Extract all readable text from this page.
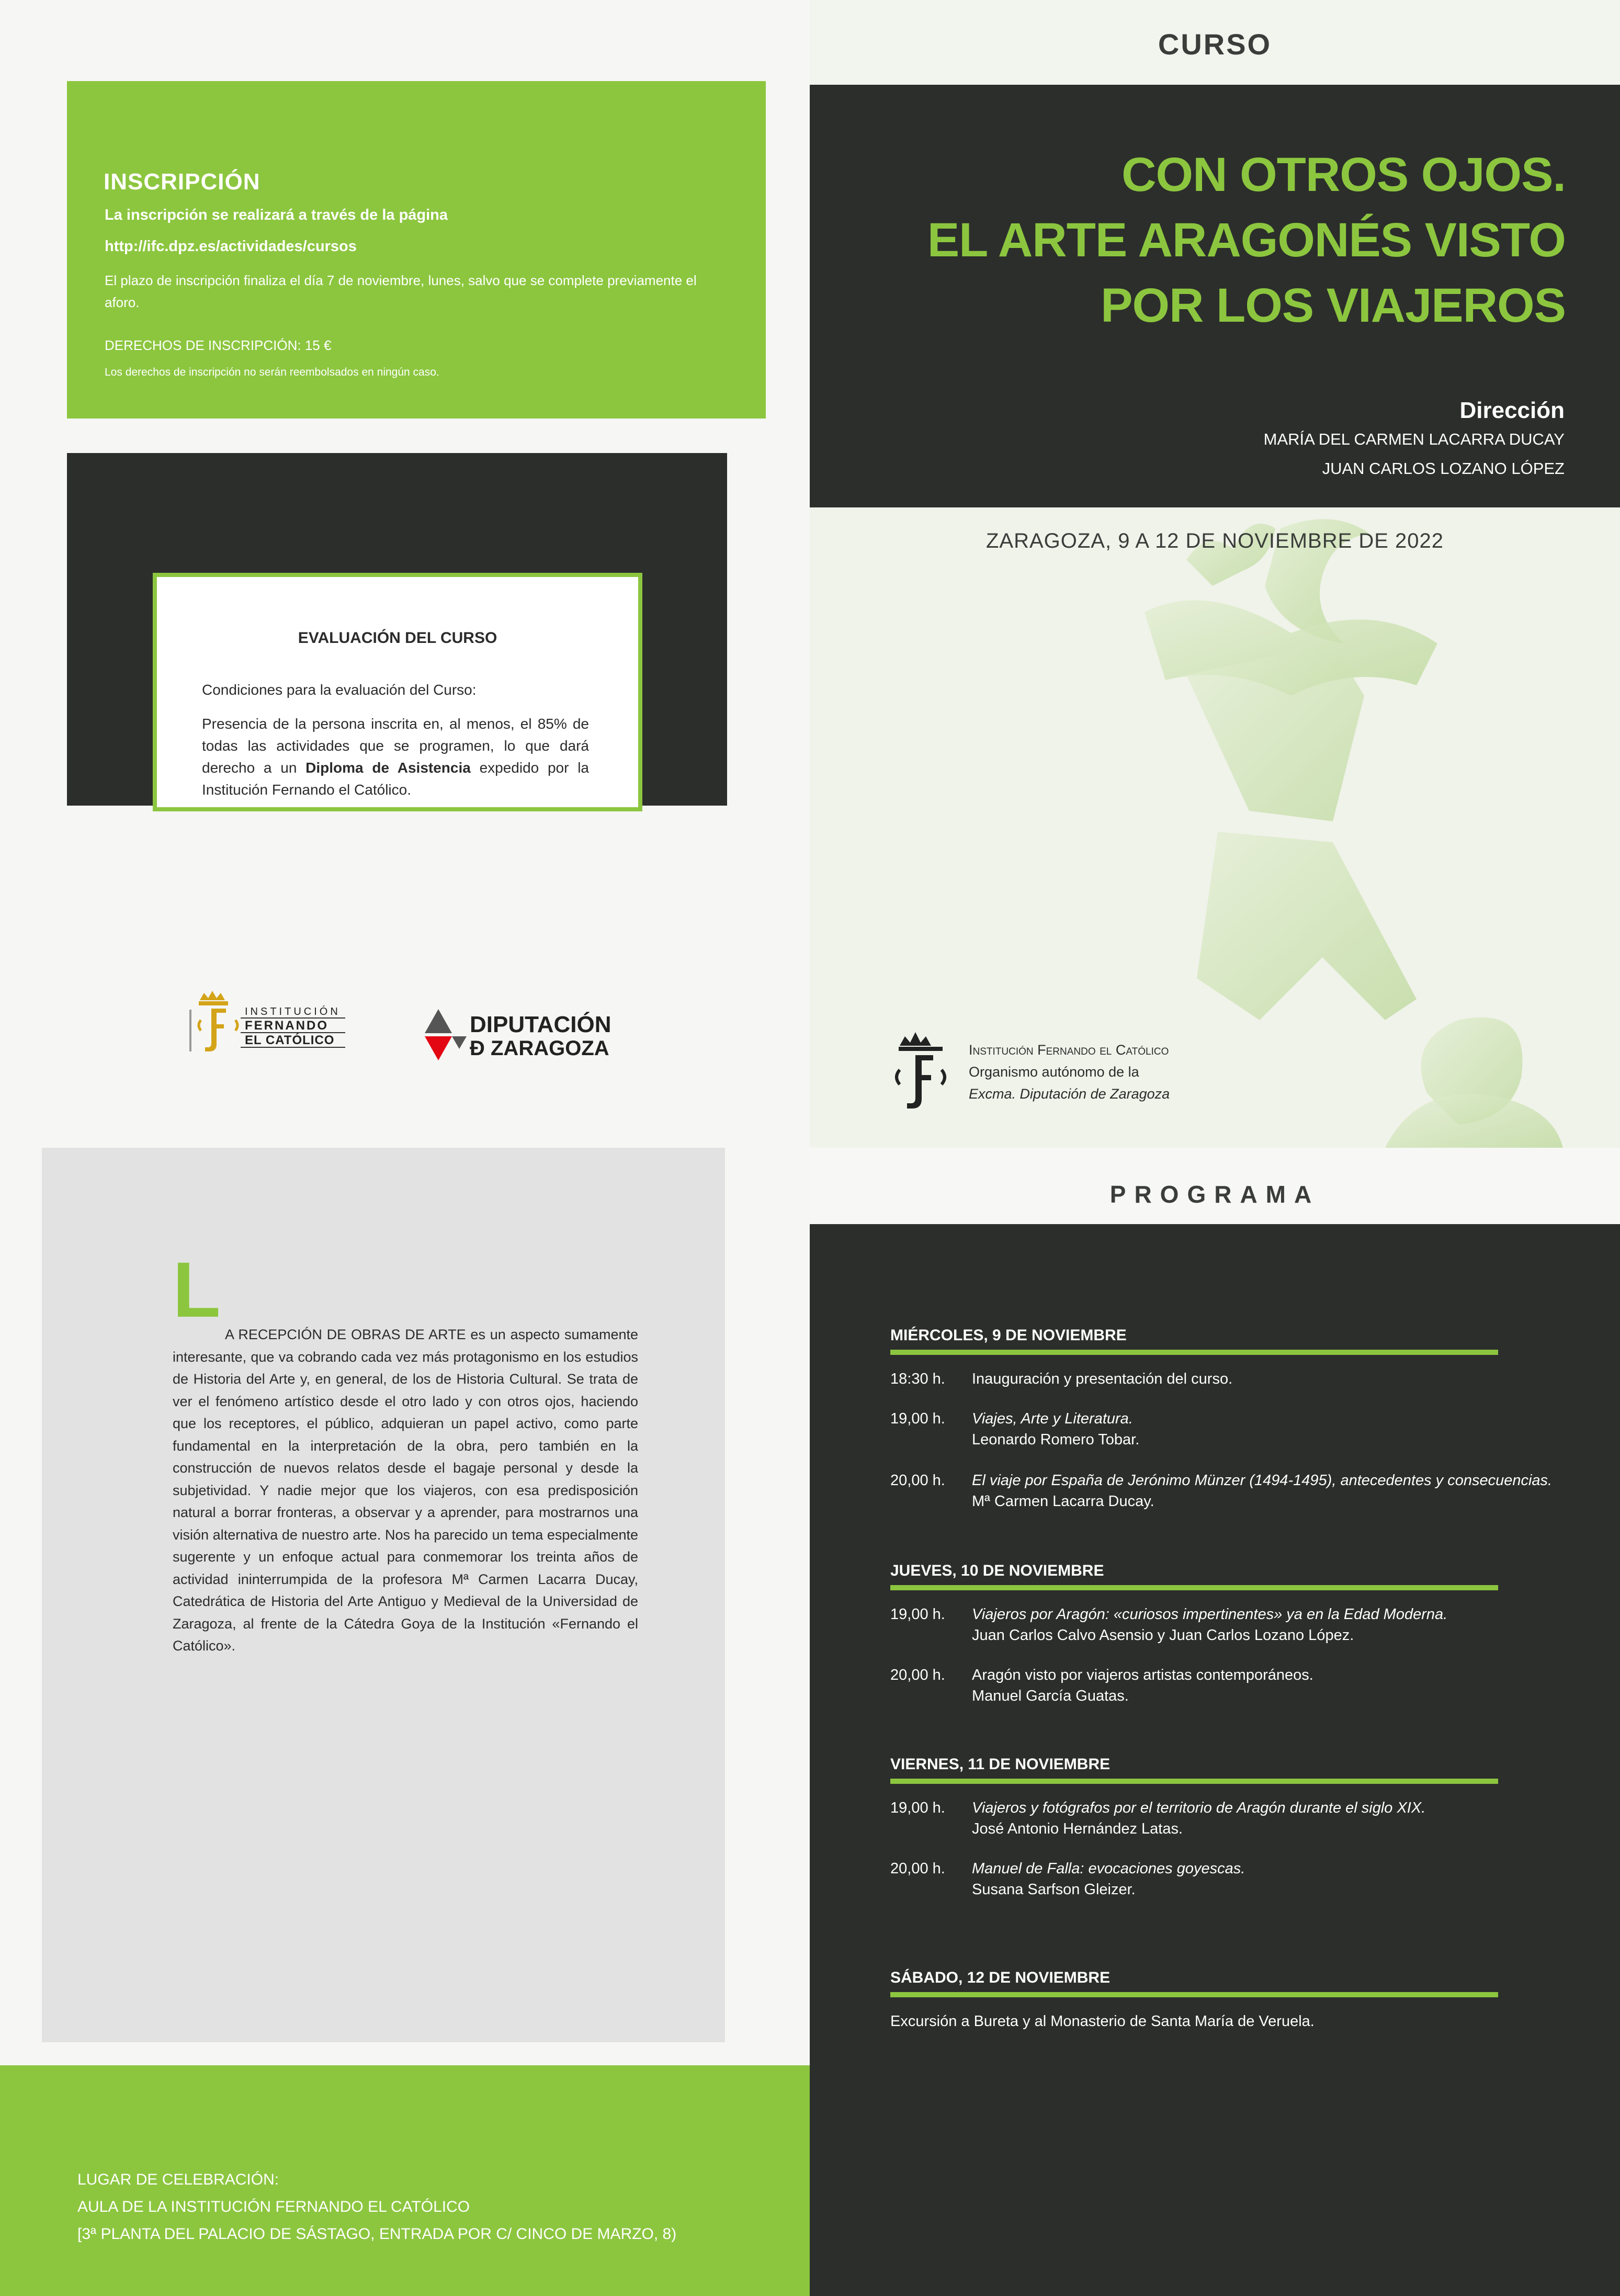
INSCRIPCIÓN
La inscripción se realizará a través de la página
http://ifc.dpz.es/actividades/cursos
El plazo de inscripción finaliza el día 7 de noviembre, lunes, salvo que se complete previamente el aforo.
DERECHOS DE INSCRIPCIÓN: 15 €
Los derechos de inscripción no serán reembolsados en ningún caso.
EVALUACIÓN DEL CURSO
Condiciones para la evaluación del Curso:
Presencia de la persona inscrita en, al menos, el 85% de todas las actividades que se programen, lo que dará derecho a un Diploma de Asistencia expedido por la Institución Fernando el Católico.
INSTITUCIÓN
FERNANDO
EL CATÓLICO
DIPUTACIÓN
Ð ZARAGOZA
CURSO
CON OTROS OJOS.
EL ARTE ARAGONÉS VISTO
POR LOS VIAJEROS
Dirección
MARÍA DEL CARMEN LACARRA DUCAY
JUAN CARLOS LOZANO LÓPEZ
ZARAGOZA, 9 A 12 DE NOVIEMBRE DE 2022
Institución Fernando el Católico
Organismo autónomo de la
Excma. Diputación de Zaragoza
L
A RECEPCIÓN DE OBRAS DE ARTE es un aspecto sumamente interesante, que va cobrando cada vez más protagonismo en los estudios de Historia del Arte y, en general, de los de Historia Cultural. Se trata de ver el fenómeno artístico desde el otro lado y con otros ojos, haciendo que los receptores, el público, adquieran un papel activo, como parte fundamental en la interpretación de la obra, pero también en la construcción de nuevos relatos desde el bagaje personal y desde la subjetividad. Y nadie mejor que los viajeros, con esa predisposición natural a borrar fronteras, a observar y a aprender, para mostrarnos una visión alternativa de nuestro arte. Nos ha parecido un tema especialmente sugerente y un enfoque actual para conmemorar los treinta años de actividad ininterrumpida de la profesora Mª Carmen Lacarra Ducay, Catedrática de Historia del Arte Antiguo y Medieval de la Universidad de Zaragoza, al frente de la Cátedra Goya de la Institución «Fernando el Católico».
LUGAR DE CELEBRACIÓN:
AULA DE LA INSTITUCIÓN FERNANDO EL CATÓLICO
[3ª PLANTA DEL PALACIO DE SÁSTAGO, ENTRADA POR C/ CINCO DE MARZO, 8)
PROGRAMA
MIÉRCOLES, 9 DE NOVIEMBRE
18:30 h. Inauguración y presentación del curso.
19,00 h. Viajes, Arte y Literatura.
Leonardo Romero Tobar.
20,00 h. El viaje por España de Jerónimo Münzer (1494-1495), antecedentes y consecuencias.
Mª Carmen Lacarra Ducay.
JUEVES, 10 DE NOVIEMBRE
19,00 h. Viajeros por Aragón: «curiosos impertinentes» ya en la Edad Moderna.
Juan Carlos Calvo Asensio y Juan Carlos Lozano López.
20,00 h. Aragón visto por viajeros artistas contemporáneos.
Manuel García Guatas.
VIERNES, 11 DE NOVIEMBRE
19,00 h. Viajeros y fotógrafos por el territorio de Aragón durante el siglo XIX.
José Antonio Hernández Latas.
20,00 h. Manuel de Falla: evocaciones goyescas.
Susana Sarfson Gleizer.
SÁBADO, 12 DE NOVIEMBRE
Excursión a Bureta y al Monasterio de Santa María de Veruela.
